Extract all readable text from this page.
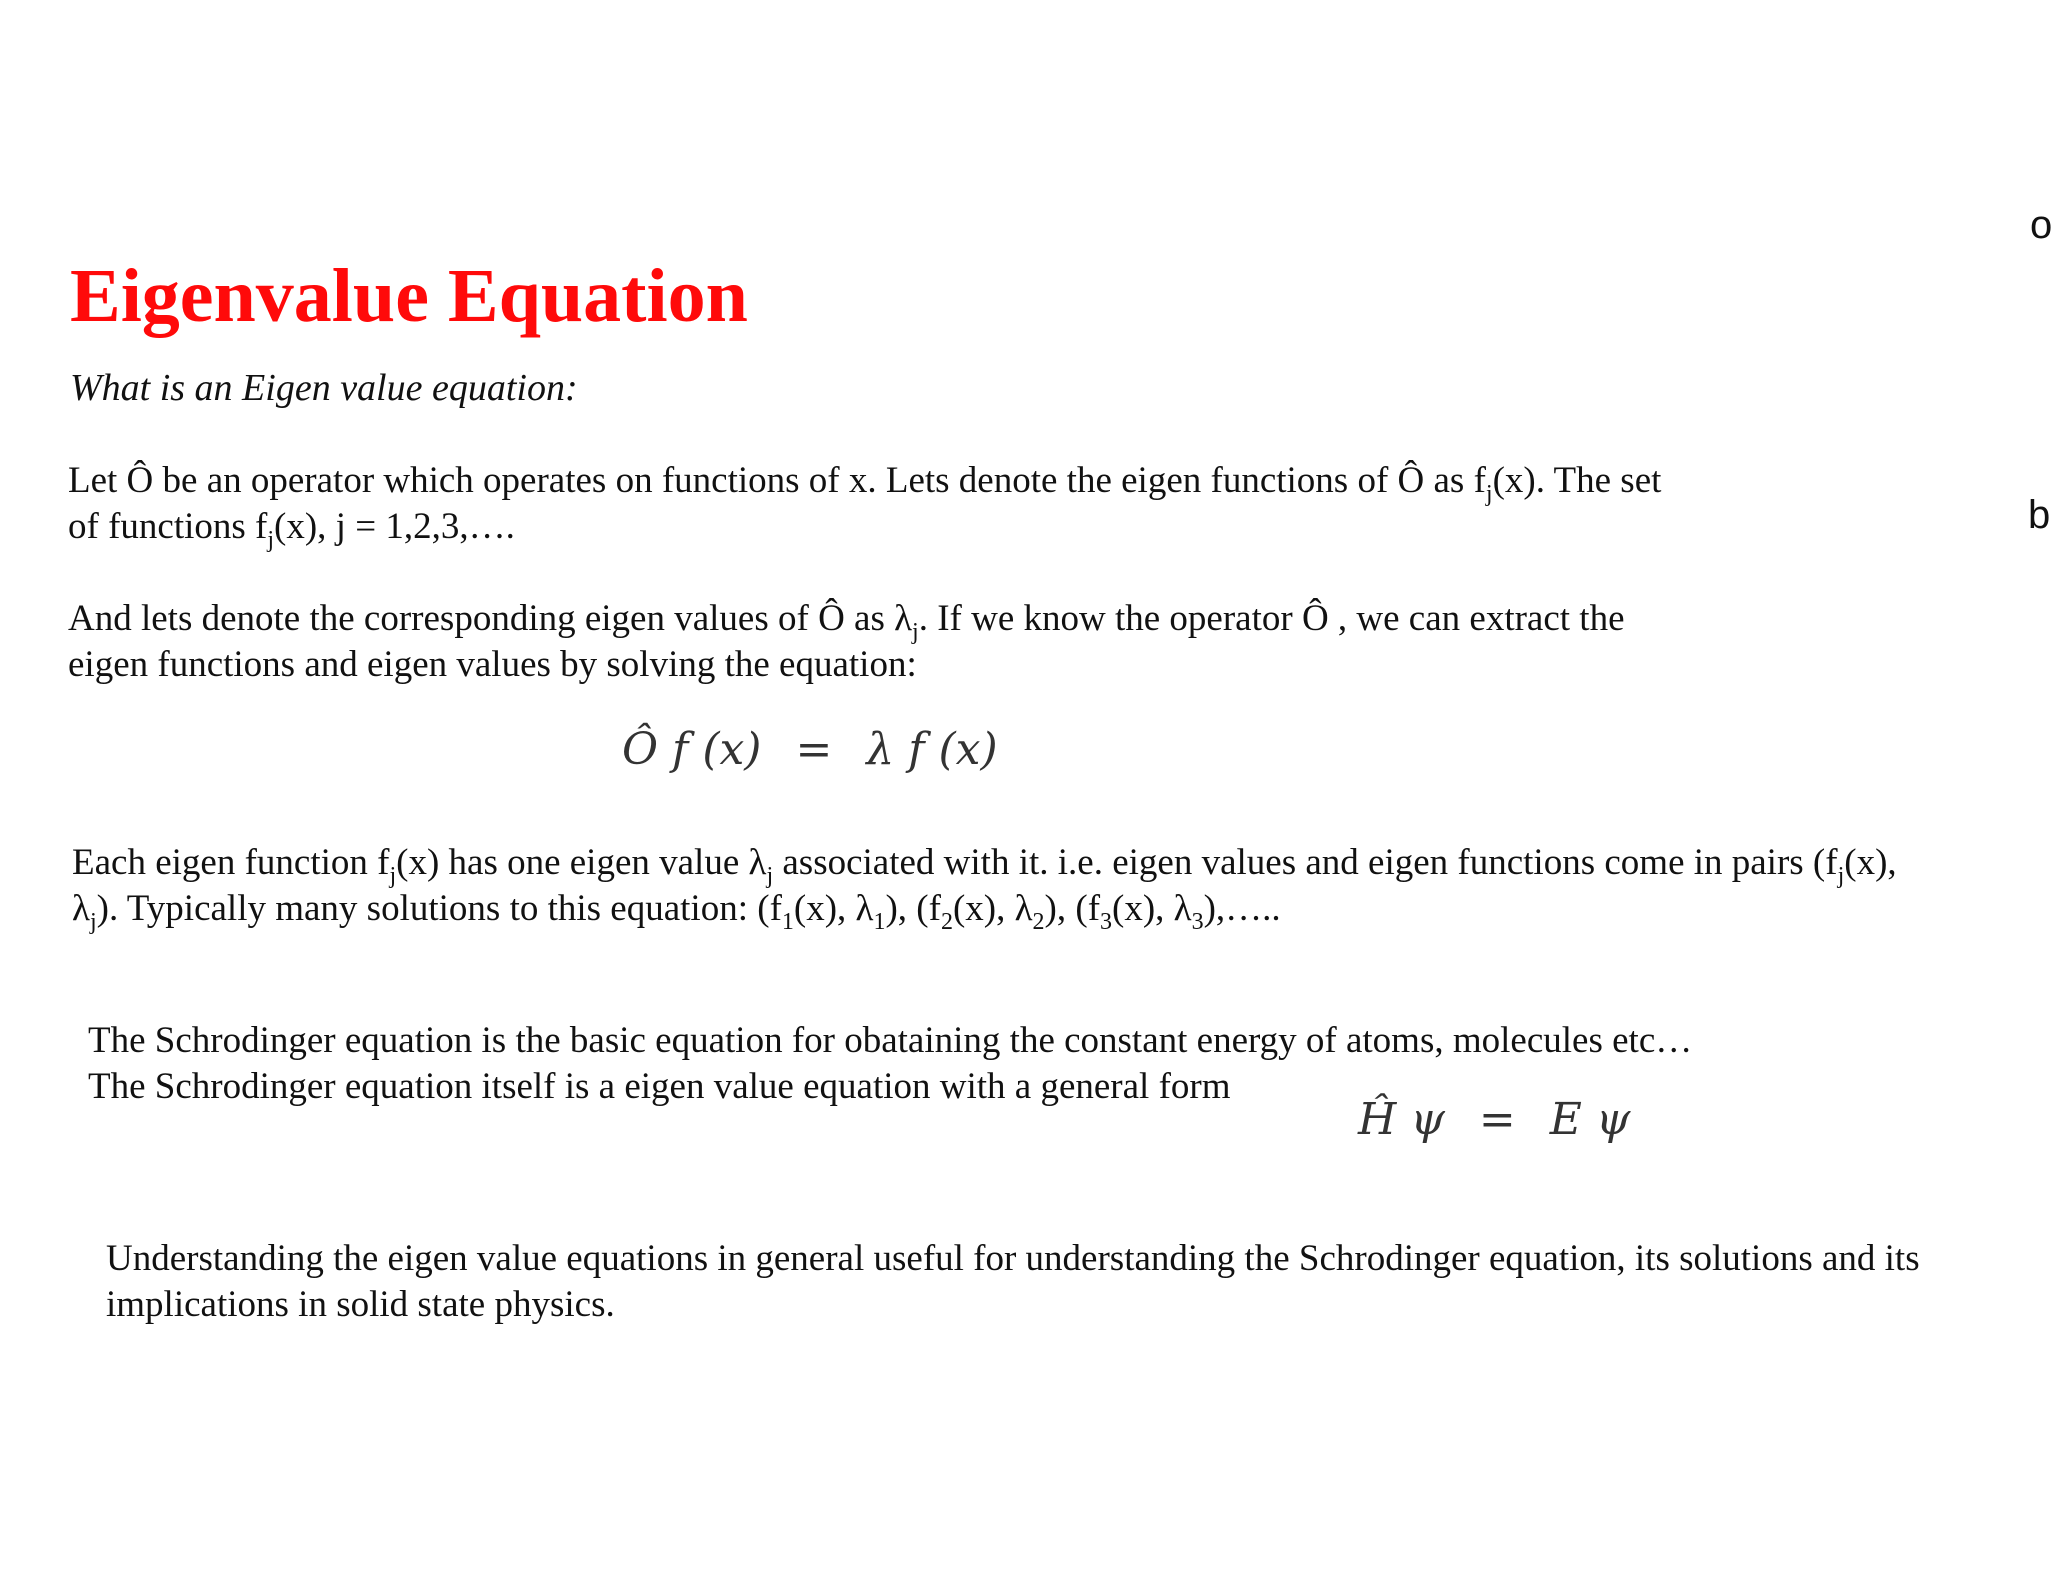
Eigenvalue Equation
What is an Eigen value equation:
Let Ô be an operator which operates on functions of x. Lets denote the eigen functions of Ô as $f_j(x)$. The set
of functions $f_j(x)$, j = 1,2,3,….
And lets denote the corresponding eigen values of Ô as $\lambda_j$. If we know the operator Ô , we can extract the
eigen functions and eigen values by solving the equation:
Ô f (x) = λ f (x)
Each eigen function $f_j(x)$ has one eigen value $\lambda_j$ associated with it. i.e. eigen values and eigen functions come in pairs ($f_j(x)$,
$\lambda_j$). Typically many solutions to this equation: ($f_1(x)$, $\lambda_1$), ($f_2(x)$, $\lambda_2$), ($f_3(x)$, $\lambda_3),\dots$..
The Schrodinger equation is the basic equation for obataining the constant energy of atoms, molecules etc…
The Schrodinger equation itself is a eigen value equation with a general form
Ĥ ψ = E ψ
Understanding the eigen value equations in general useful for understanding the Schrodinger equation, its solutions and its
implications in solid state physics.
o
b
